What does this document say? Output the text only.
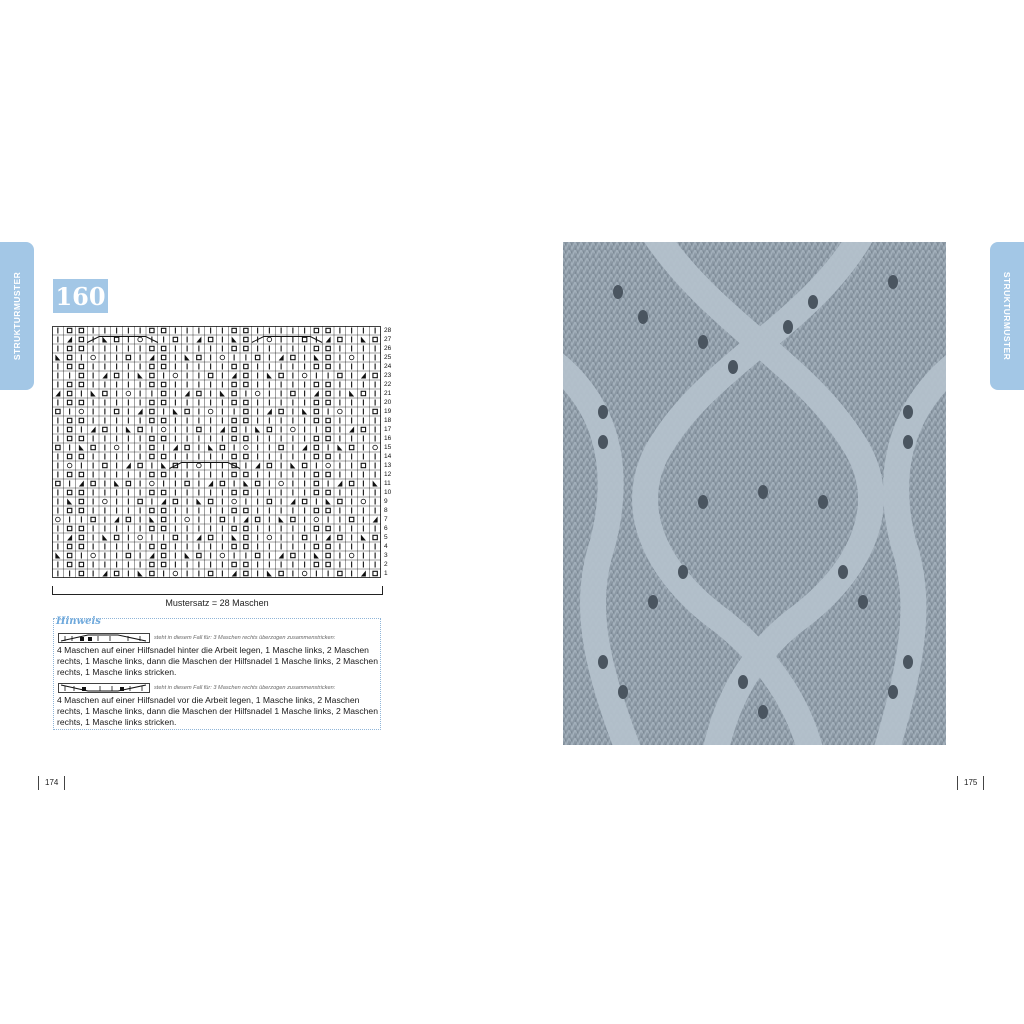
STRUKTURMUSTER	STRUKTURMUSTER
160
28
27
26
25
24
23
22
21
20
19
18
17
16
15
14
13
12
11
10
9
8
7
6
5
4
3
2
1
Mustersatz = 28 Maschen
Hinweis
steht in diesem Fall für: 3 Maschen rechts überzogen zusammenstricken:
4 Maschen auf einer Hilfsnadel hinter die Arbeit legen, 1 Masche links, 2 Maschen rechts, 1 Masche links, dann die Maschen der Hilfsnadel 1 Masche links, 2 Maschen rechts, 1 Masche links stricken.
steht in diesem Fall für: 3 Maschen rechts überzogen zusammenstricken:
4 Maschen auf einer Hilfsnadel vor die Arbeit legen, 1 Masche links, 2 Maschen rechts, 1 Masche links, dann die Maschen der Hilfsnadel 1 Masche links, 2 Maschen rechts, 1 Masche links stricken.
174	175
